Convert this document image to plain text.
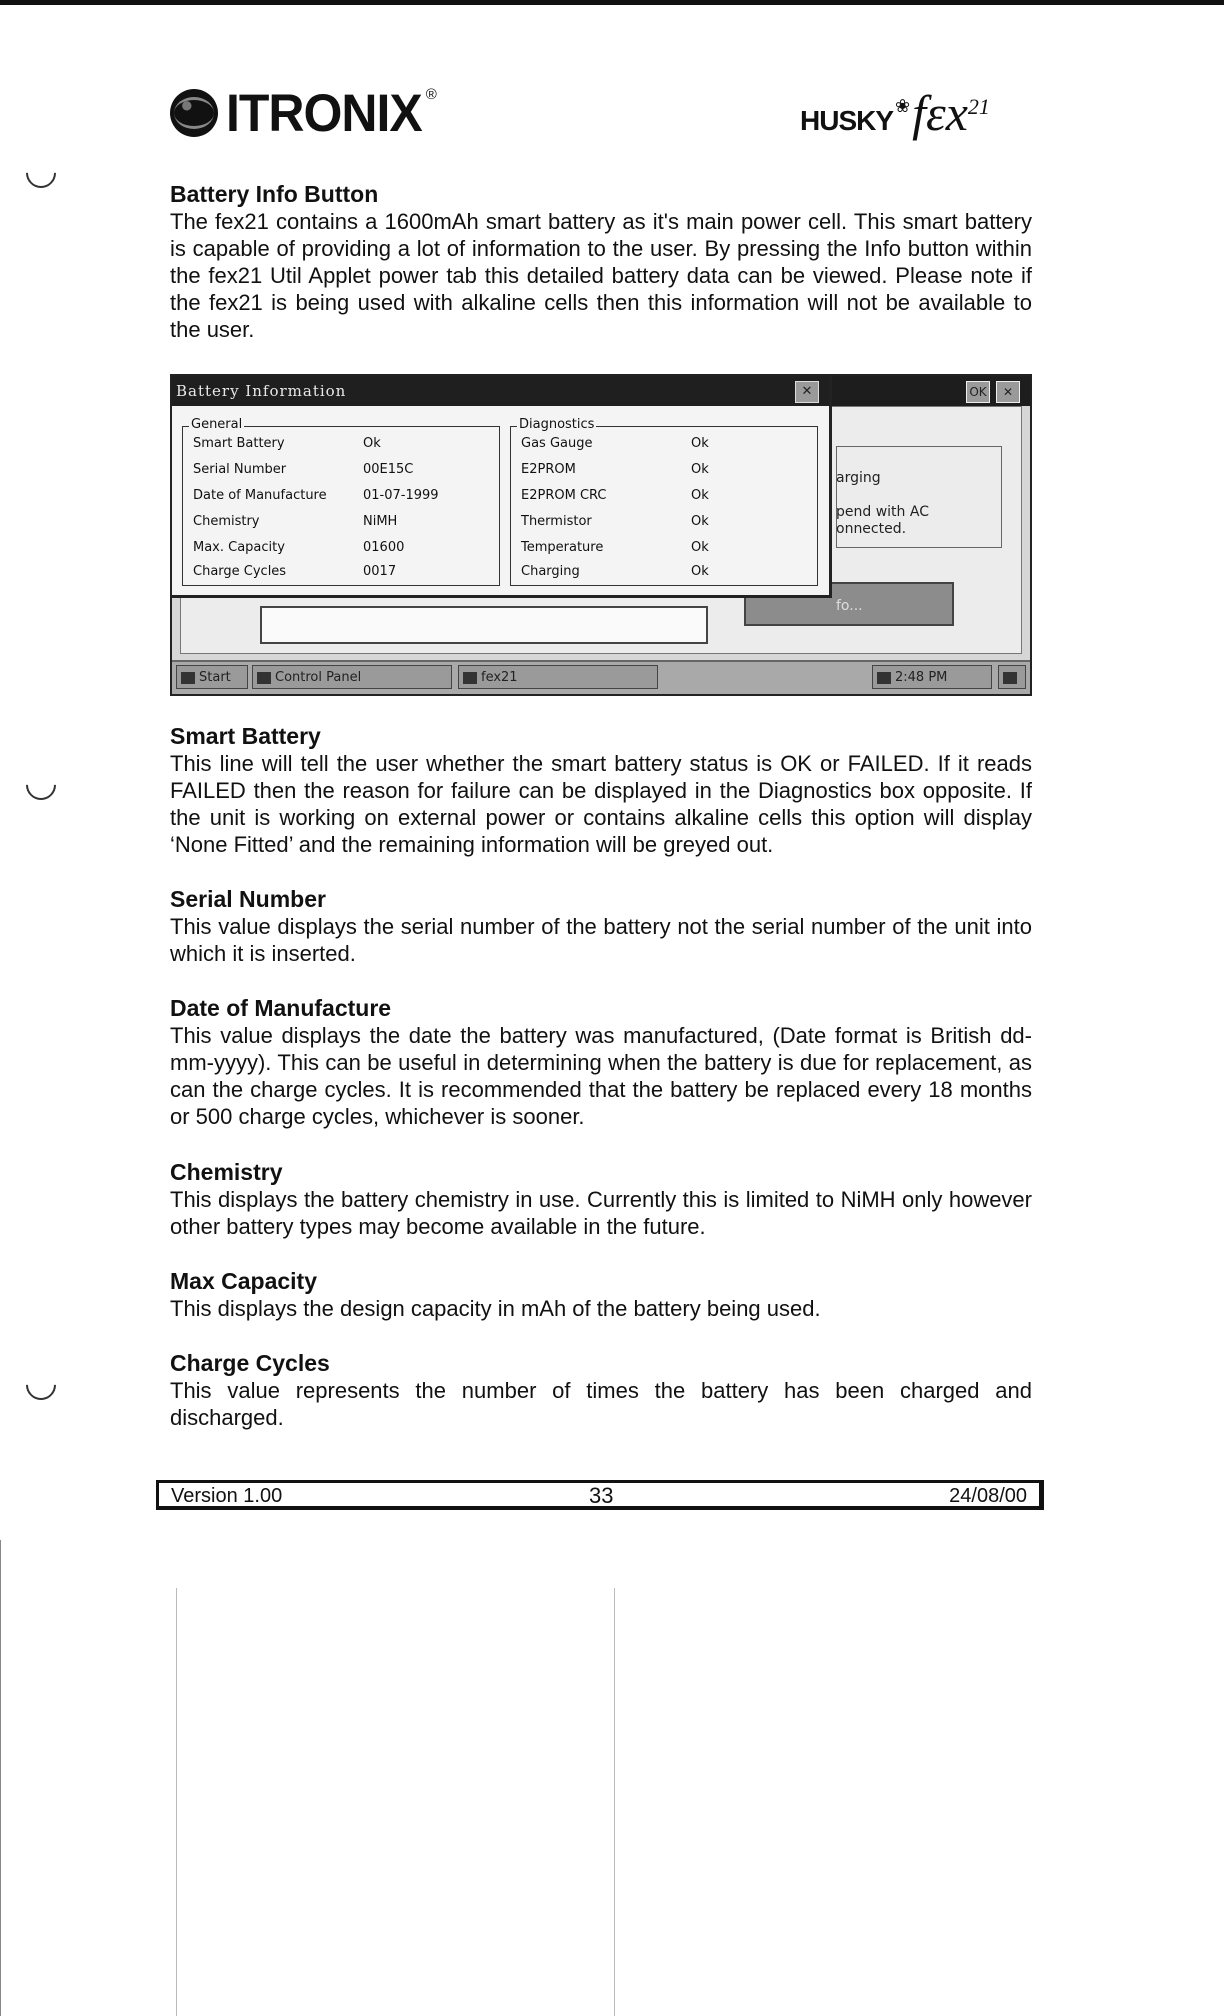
ITRONIX ®
HUSKY ❀ fεx 21
Battery Info Button
The fex21 contains a 1600mAh smart battery as it's main power cell. This smart battery is capable of providing a lot of information to the user. By pressing the Info button within the fex21 Util Applet power tab this detailed battery data can be viewed. Please note if the fex21 is being used with alkaline cells then this information will not be available to the user.
OK	✕
arging
pend with AC
onnected.
fo...
Battery Information	✕
General
Smart Battery	Ok
Serial Number	00E15C
Date of Manufacture	01-07-1999
Chemistry	NiMH
Max. Capacity	01600
Charge Cycles	0017
Diagnostics
Gas Gauge	Ok
E2PROM	Ok
E2PROM CRC	Ok
Thermistor	Ok
Temperature	Ok
Charging	Ok
Start	Control Panel	fex21	2:48 PM
Smart Battery
This line will tell the user whether the smart battery status is OK or FAILED. If it reads FAILED then the reason for failure can be displayed in the Diagnostics box opposite. If the unit is working on external power or contains alkaline cells this option will display ‘None Fitted’ and the remaining information will be greyed out.
Serial Number
This value displays the serial number of the battery not the serial number of the unit into which it is inserted.
Date of Manufacture
This value displays the date the battery was manufactured, (Date format is British dd-mm-yyyy). This can be useful in determining when the battery is due for replacement, as can the charge cycles. It is recommended that the battery be replaced every 18 months or 500 charge cycles, whichever is sooner.
Chemistry
This displays the battery chemistry in use. Currently this is limited to NiMH only however other battery types may become available in the future.
Max Capacity
This displays the design capacity in mAh of the battery being used.
Charge Cycles
This value represents the number of times the battery has been charged and discharged.
Version 1.00	33	24/08/00
